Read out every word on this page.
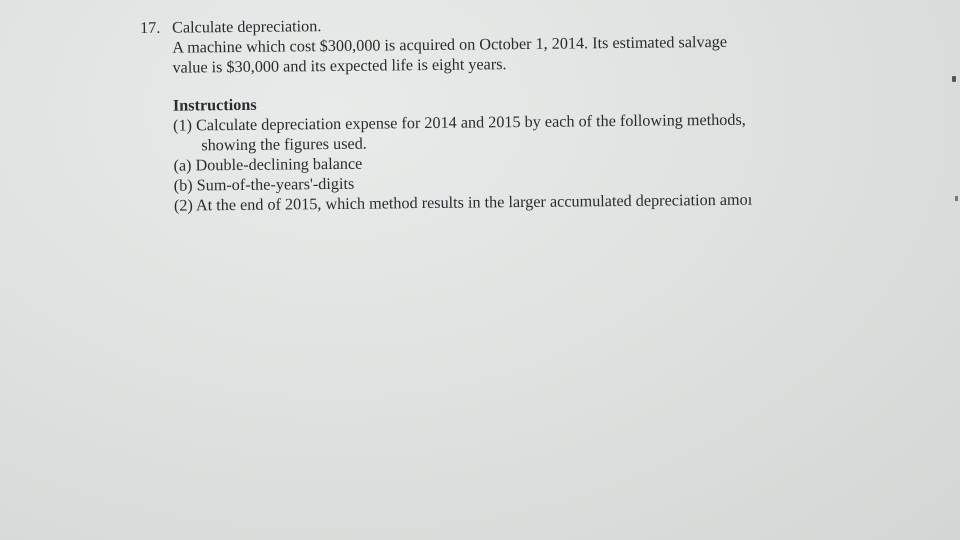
17. Calculate depreciation.
A machine which cost $300,000 is acquired on October 1, 2014. Its estimated salvage
value is $30,000 and its expected life is eight years.
Instructions
(1) Calculate depreciation expense for 2014 and 2015 by each of the following methods,
showing the figures used.
(a) Double-declining balance
(b) Sum-of-the-years'-digits
(2) At the end of 2015, which method results in the larger accumulated depreciation amoı
